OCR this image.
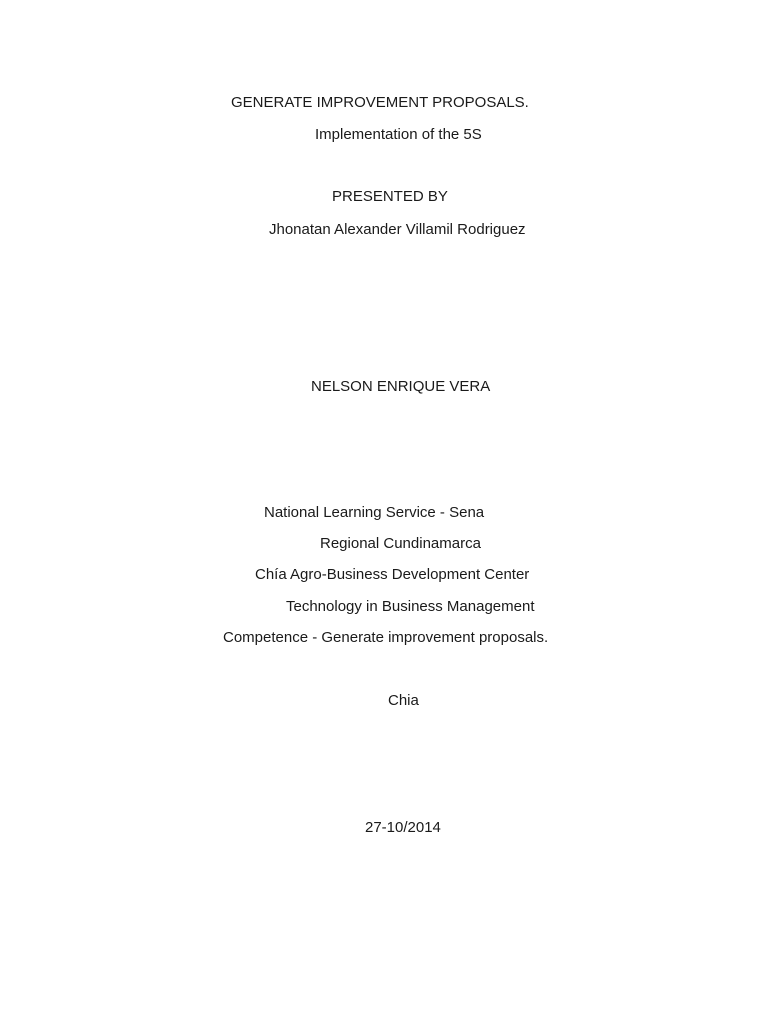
GENERATE IMPROVEMENT PROPOSALS.
Implementation of the 5S
PRESENTED BY
Jhonatan Alexander Villamil Rodriguez
NELSON ENRIQUE VERA
National Learning Service - Sena
Regional Cundinamarca
Chía Agro-Business Development Center
Technology in Business Management
Competence - Generate improvement proposals.
Chia
27-10/2014
